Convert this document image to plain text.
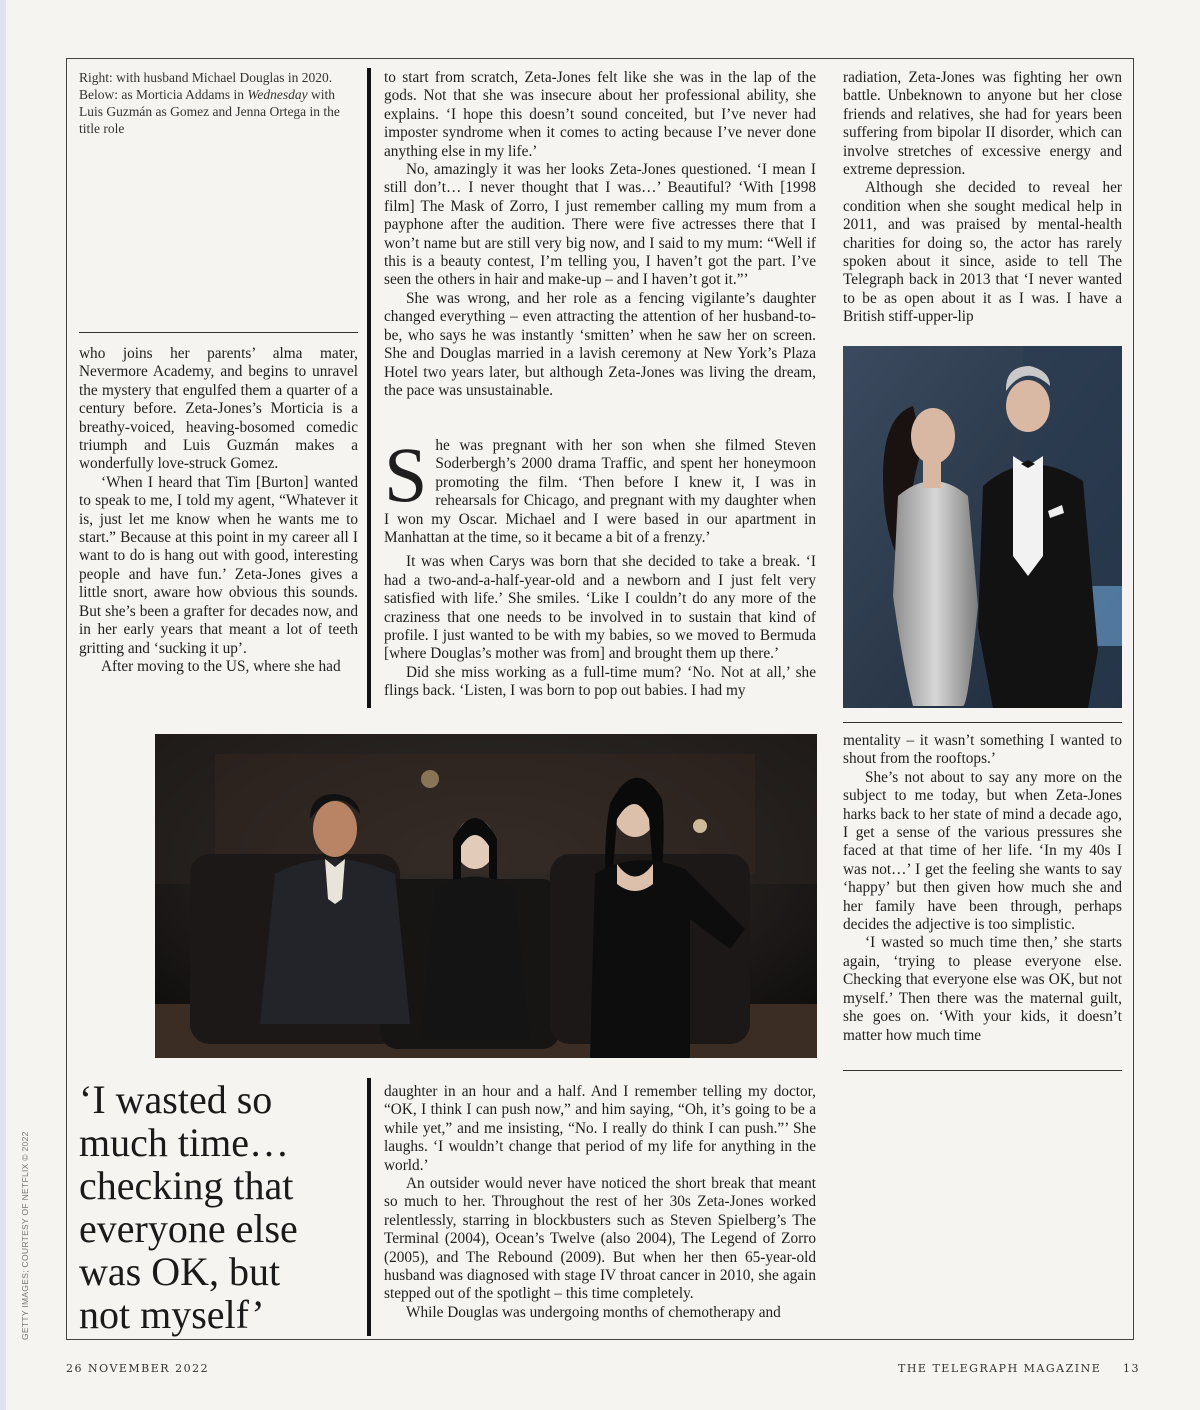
Right: with husband Michael Douglas in 2020. Below: as Morticia Addams in Wednesday with Luis Guzmán as Gomez and Jenna Ortega in the title role

who joins her parents’ alma mater, Nevermore Academy, and begins to unravel the mystery that engulfed them a quarter of a century before. Zeta-Jones’s Morticia is a breathy-voiced, heaving-bosomed comedic triumph and Luis Guzmán makes a wonderfully love-struck Gomez.

‘When I heard that Tim [Burton] wanted to speak to me, I told my agent, “Whatever it is, just let me know when he wants me to start.” Because at this point in my career all I want to do is hang out with good, interesting people and have fun.’ Zeta-Jones gives a little snort, aware how obvious this sounds. But she’s been a grafter for decades now, and in her early years that meant a lot of teeth gritting and ‘sucking it up’.

After moving to the US, where she had

to start from scratch, Zeta-Jones felt like she was in the lap of the gods. Not that she was insecure about her professional ability, she explains. ‘I hope this doesn’t sound conceited, but I’ve never had imposter syndrome when it comes to acting because I’ve never done anything else in my life.’

No, amazingly it was her looks Zeta-Jones questioned. ‘I mean I still don’t… I never thought that I was…’ Beautiful? ‘With [1998 film] The Mask of Zorro, I just remember calling my mum from a payphone after the audition. There were five actresses there that I won’t name but are still very big now, and I said to my mum: “Well if this is a beauty contest, I’m telling you, I haven’t got the part. I’ve seen the others in hair and make-up – and I haven’t got it.”’

She was wrong, and her role as a fencing vigilante’s daughter changed everything – even attracting the attention of her husband-to-be, who says he was instantly ‘smitten’ when he saw her on screen. She and Douglas married in a lavish ceremony at New York’s Plaza Hotel two years later, but although Zeta-Jones was living the dream, the pace was unsustainable.

She was pregnant with her son when she filmed Steven Soderbergh’s 2000 drama Traffic, and spent her honeymoon promoting the film. ‘Then before I knew it, I was in rehearsals for Chicago, and pregnant with my daughter when I won my Oscar. Michael and I were based in our apartment in Manhattan at the time, so it became a bit of a frenzy.’

It was when Carys was born that she decided to take a break. ‘I had a two-and-a-half-year-old and a newborn and I just felt very satisfied with life.’ She smiles. ‘Like I couldn’t do any more of the craziness that one needs to be involved in to sustain that kind of profile. I just wanted to be with my babies, so we moved to Bermuda [where Douglas’s mother was from] and brought them up there.’

Did she miss working as a full-time mum? ‘No. Not at all,’ she flings back. ‘Listen, I was born to pop out babies. I had my

radiation, Zeta-Jones was fighting her own battle. Unbeknown to anyone but her close friends and relatives, she had for years been suffering from bipolar II disorder, which can involve stretches of excessive energy and extreme depression.

Although she decided to reveal her condition when she sought medical help in 2011, and was praised by mental-health charities for doing so, the actor has rarely spoken about it since, aside to tell The Telegraph back in 2013 that ‘I never wanted to be as open about it as I was. I have a British stiff-upper-lip

mentality – it wasn’t something I wanted to shout from the rooftops.’

She’s not about to say any more on the subject to me today, but when Zeta-Jones harks back to her state of mind a decade ago, I get a sense of the various pressures she faced at that time of her life. ‘In my 40s I was not…’ I get the feeling she wants to say ‘happy’ but then given how much she and her family have been through, perhaps decides the adjective is too simplistic.

‘I wasted so much time then,’ she starts again, ‘trying to please everyone else. Checking that everyone else was OK, but not myself.’ Then there was the maternal guilt, she goes on. ‘With your kids, it doesn’t matter how much time

‘I wasted so much time… checking that everyone else was OK, but not myself’

daughter in an hour and a half. And I remember telling my doctor, “OK, I think I can push now,” and him saying, “Oh, it’s going to be a while yet,” and me insisting, “No. I really do think I can push.”’ She laughs. ‘I wouldn’t change that period of my life for anything in the world.’

An outsider would never have noticed the short break that meant so much to her. Throughout the rest of her 30s Zeta-Jones worked relentlessly, starring in blockbusters such as Steven Spielberg’s The Terminal (2004), Ocean’s Twelve (also 2004), The Legend of Zorro (2005), and The Rebound (2009). But when her then 65-year-old husband was diagnosed with stage IV throat cancer in 2010, she again stepped out of the spotlight – this time completely.

While Douglas was undergoing months of chemotherapy and

GETTY IMAGES; COURTESY OF NETFLIX © 2022
26 NOVEMBER 2022	THE TELEGRAPH MAGAZINE 13
